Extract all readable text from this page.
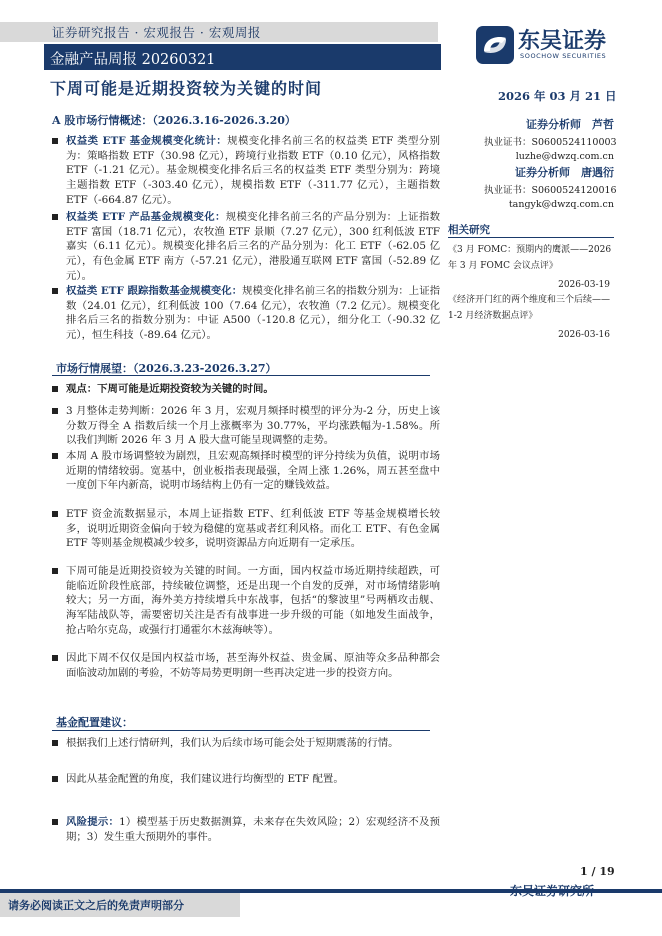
证券研究报告 · 宏观报告 · 宏观周报
金融产品周报 20260321
下周可能是近期投资较为关键的时间
东吴证券
SOOCHOW SECURITIES
2026 年 03 月 21 日
证券分析师　芦哲
执业证书：S0600524110003
luzhe@dwzq.com.cn
证券分析师　唐遇衍
执业证书：S0600524120016
tangyk@dwzq.com.cn
相关研究
《3 月 FOMC：预期内的鹰派——2026 年 3 月 FOMC 会议点评》
2026-03-19
《经济开门红的两个维度和三个后续——1-2 月经济数据点评》
2026-03-16
A 股市场行情概述：（2026.3.16-2026.3.20）
权益类 ETF 基金规模变化统计：规模变化排名前三名的权益类 ETF 类型分别为：策略指数 ETF（30.98 亿元），跨境行业指数 ETF（0.10 亿元），风格指数 ETF（-1.21 亿元）。基金规模变化排名后三名的权益类 ETF 类型分别为：跨境主题指数 ETF（-303.40 亿元），规模指数 ETF（-311.77 亿元），主题指数 ETF（-664.87 亿元）。
权益类 ETF 产品基金规模变化：规模变化排名前三名的产品分别为：上证指数 ETF 富国（18.71 亿元），农牧渔 ETF 景顺（7.27 亿元），300 红利低波 ETF 嘉实（6.11 亿元）。规模变化排名后三名的产品分别为：化工 ETF（-62.05 亿元），有色金属 ETF 南方（-57.21 亿元），港股通互联网 ETF 富国（-52.89 亿元）。
权益类 ETF 跟踪指数基金规模变化：规模变化排名前三名的指数分别为：上证指数（24.01 亿元），红利低波 100（7.64 亿元），农牧渔（7.2 亿元）。规模变化排名后三名的指数分别为：中证 A500（-120.8 亿元），细分化工（-90.32 亿元），恒生科技（-89.64 亿元）。
市场行情展望：（2026.3.23-2026.3.27）
观点：下周可能是近期投资较为关键的时间。
3 月整体走势判断：2026 年 3 月，宏观月频择时模型的评分为-2 分，历史上该分数万得全 A 指数后续一个月上涨概率为 30.77%，平均涨跌幅为-1.58%。所以我们判断 2026 年 3 月 A 股大盘可能呈现调整的走势。
本周 A 股市场调整较为剧烈，且宏观高频择时模型的评分持续为负值，说明市场近期的情绪较弱。宽基中，创业板指表现最强，全周上涨 1.26%，周五甚至盘中一度创下年内新高，说明市场结构上仍有一定的赚钱效益。
ETF 资金流数据显示，本周上证指数 ETF、红利低波 ETF 等基金规模增长较多，说明近期资金偏向于较为稳健的宽基或者红利风格。而化工 ETF、有色金属 ETF 等则基金规模减少较多，说明资源品方向近期有一定承压。
下周可能是近期投资较为关键的时间。一方面，国内权益市场近期持续超跌，可能临近阶段性底部，持续破位调整，还是出现一个自发的反弹，对市场情绪影响较大；另一方面，海外美方持续增兵中东战事，包括“的黎波里”号两栖攻击舰、海军陆战队等，需要密切关注是否有战事进一步升级的可能（如地发生面战争，抢占哈尔克岛，或强行打通霍尔木兹海峡等）。
因此下周不仅仅是国内权益市场，甚至海外权益、贵金属、原油等众多品种都会面临波动加剧的考验，不妨等局势更明朗一些再决定进一步的投资方向。
基金配置建议：
根据我们上述行情研判，我们认为后续市场可能会处于短期震荡的行情。
因此从基金配置的角度，我们建议进行均衡型的 ETF 配置。
风险提示：1）模型基于历史数据测算，未来存在失效风险；2）宏观经济不及预期；3）发生重大预期外的事件。
1 / 19
请务必阅读正文之后的免责声明部分
